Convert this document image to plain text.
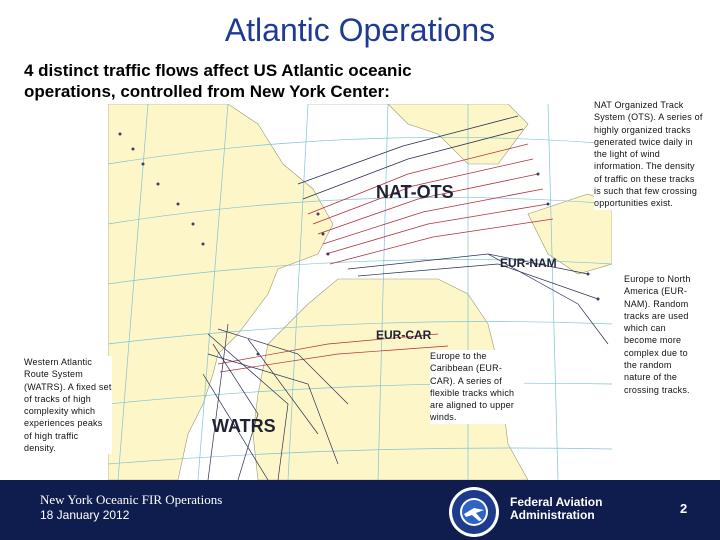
Atlantic Operations
4 distinct traffic flows affect US Atlantic oceanic operations, controlled from New York Center:
NAT-OTS
EUR-NAM
EUR-CAR
WATRS
NAT Organized Track System (OTS). A series of highly organized tracks generated twice daily in the light of wind information. The density of traffic on these tracks is such that few crossing opportunities exist.
Europe to North America (EUR-NAM). Random tracks are used which can become more complex due to the random nature of the crossing tracks.
Europe to the Caribbean (EUR-CAR). A series of flexible tracks which are aligned to upper winds.
Western Atlantic Route System (WATRS). A fixed set of tracks of high complexity which experiences peaks of high traffic density.
New York Oceanic FIR Operations
18 January 2012
Federal Aviation Administration	2
